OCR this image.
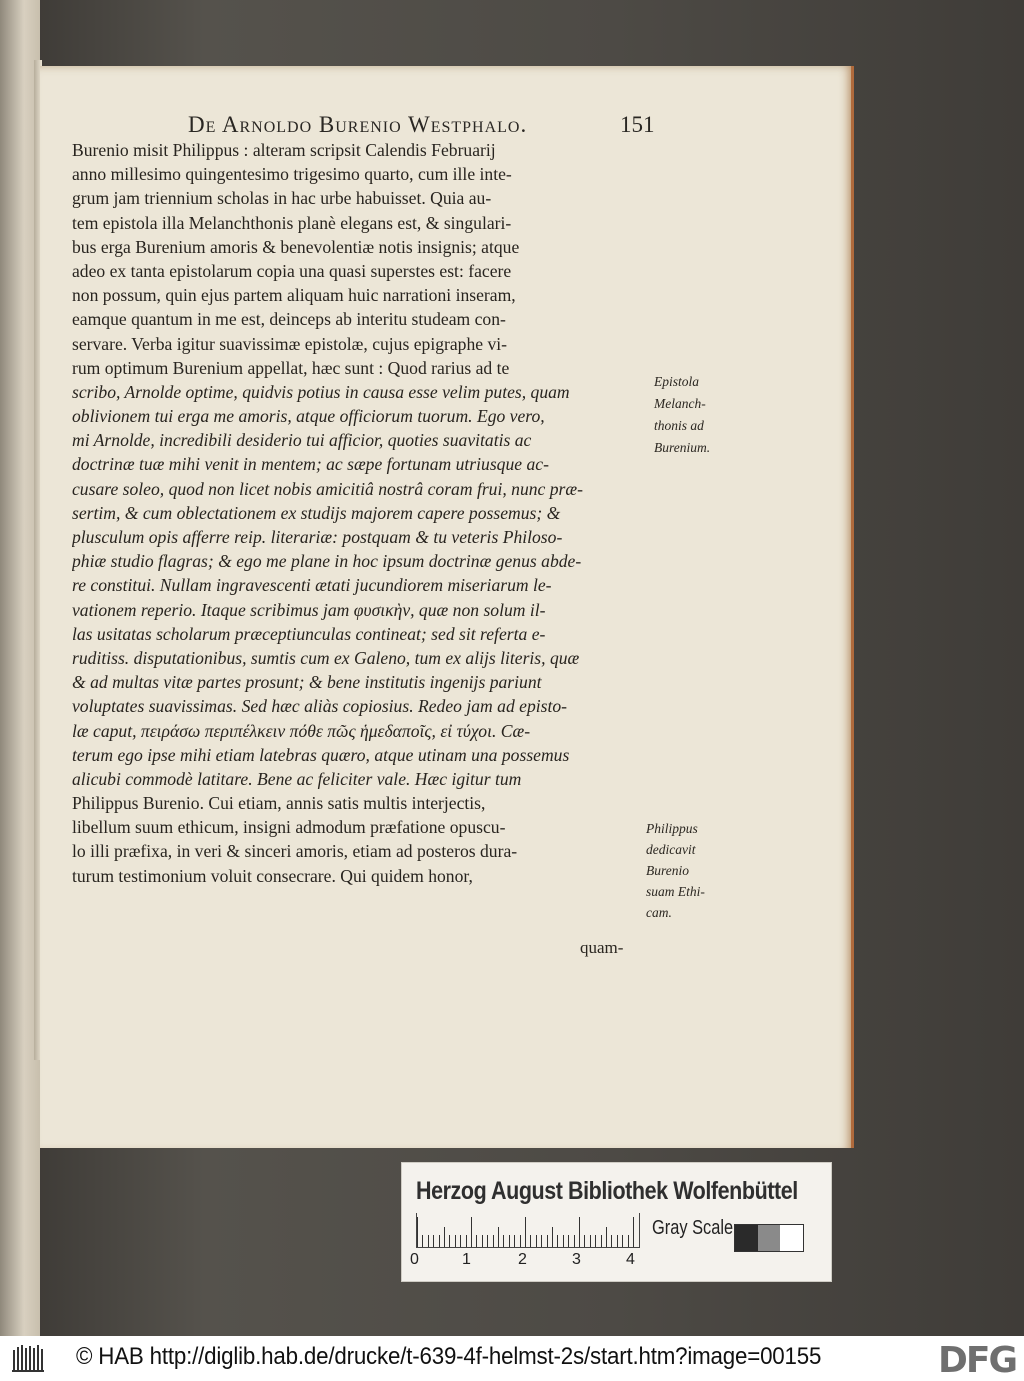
De Arnoldo Burenio Westphalo.	151
Burenio misit Philippus : alteram scripsit Calendis Februarij
anno millesimo quingentesimo trigesimo quarto, cum ille inte-
grum jam triennium scholas in hac urbe habuisset. Quia au-
tem epistola illa Melanchthonis planè elegans est, & singulari-
bus erga Burenium amoris & benevolentiæ notis insignis; atque
adeo ex tanta epistolarum copia una quasi superstes est: facere
non possum, quin ejus partem aliquam huic narrationi inseram,
eamque quantum in me est, deinceps ab interitu studeam con-
servare. Verba igitur suavissimæ epistolæ, cujus epigraphe vi-
rum optimum Burenium appellat, hæc sunt : Quod rarius ad te
scribo, Arnolde optime, quidvis potius in causa esse velim putes, quam
oblivionem tui erga me amoris, atque officiorum tuorum. Ego vero,
mi Arnolde, incredibili desiderio tui afficior, quoties suavitatis ac
doctrinæ tuæ mihi venit in mentem; ac sæpe fortunam utriusque ac-
cusare soleo, quod non licet nobis amicitiâ nostrâ coram frui, nunc præ-
sertim, & cum oblectationem ex studijs majorem capere possemus; &
plusculum opis afferre reip. literariæ: postquam & tu veteris Philoso-
phiæ studio flagras; & ego me plane in hoc ipsum doctrinæ genus abde-
re constitui. Nullam ingravescenti ætati jucundiorem miseriarum le-
vationem reperio. Itaque scribimus jam φυσικὴν, quæ non solum il-
las usitatas scholarum præceptiunculas contineat; sed sit referta e-
ruditiss. disputationibus, sumtis cum ex Galeno, tum ex alijs literis, quæ
& ad multas vitæ partes prosunt; & bene institutis ingenijs pariunt
voluptates suavissimas. Sed hæc aliàs copiosius. Redeo jam ad episto-
læ caput, πειράσω περιπέλκειν πόθε πῶς ἡμεδαποῖς, εἰ τύχοι. Cæ-
terum ego ipse mihi etiam latebras quæro, atque utinam una possemus
alicubi commodè latitare. Bene ac feliciter vale. Hæc igitur tum
Philippus Burenio. Cui etiam, annis satis multis interjectis,
libellum suum ethicum, insigni admodum præfatione opuscu-
lo illi præfixa, in veri & sinceri amoris, etiam ad posteros dura-
turum testimonium voluit consecrare. Qui quidem honor,
Epistola
Melanch-
thonis ad
Burenium.
Philippus
dedicavit
Burenio
suam Ethi-
cam.
quam-
Herzog August Bibliothek Wolfenbüttel
0	1	2	3	4
Gray Scale
© HAB http://diglib.hab.de/drucke/t-639-4f-helmst-2s/start.htm?image=00155	DFG
